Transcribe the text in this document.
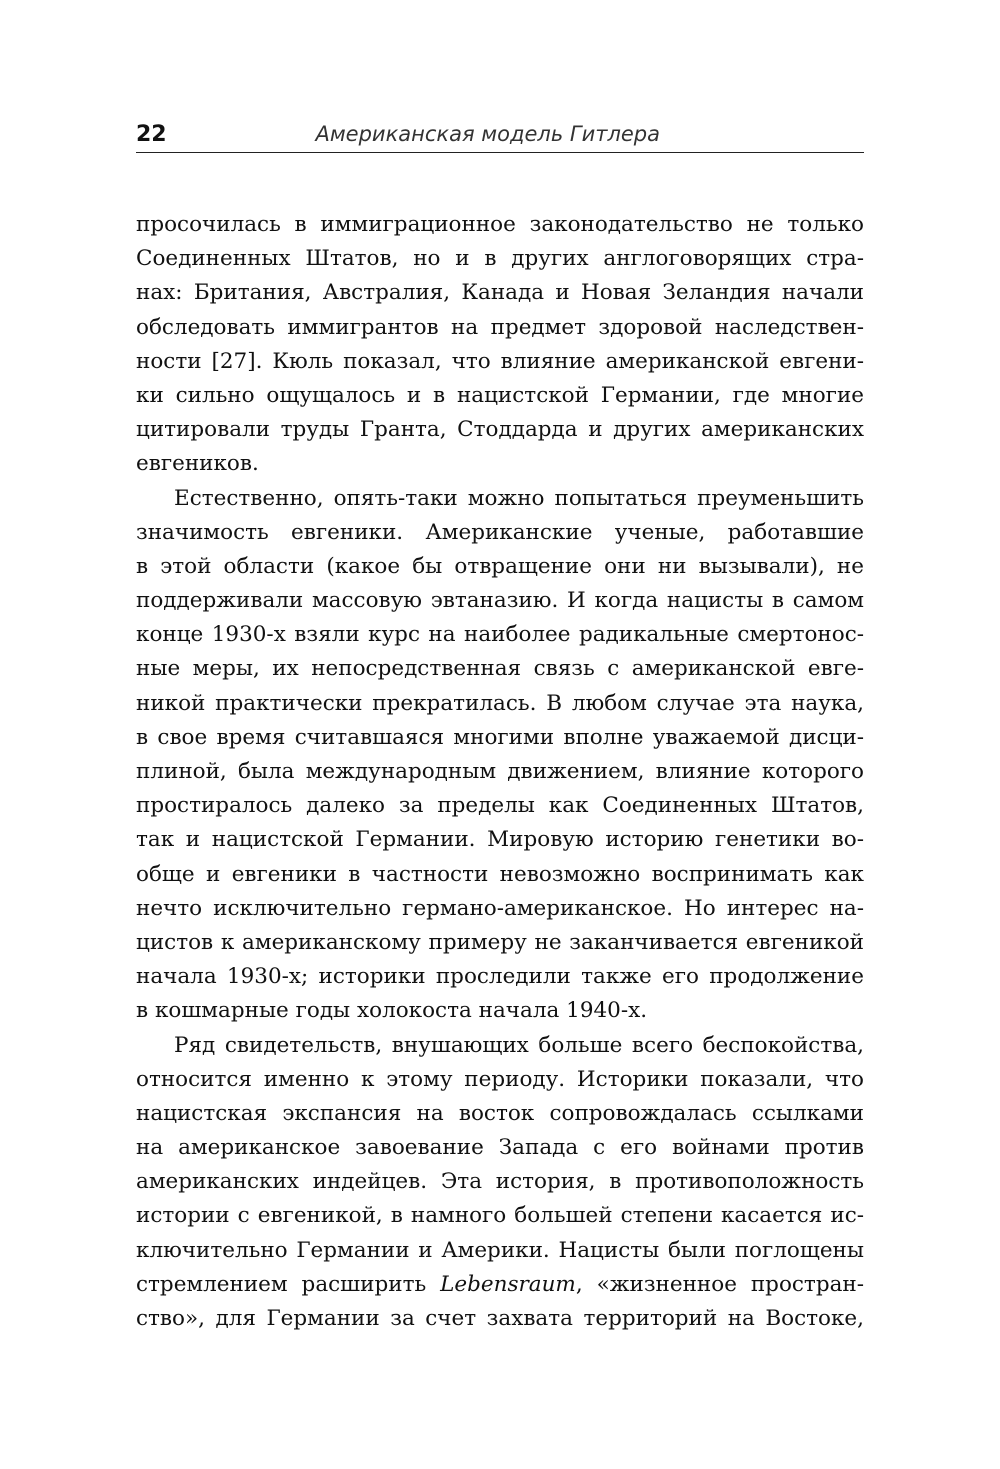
22	Американская модель Гитлера
просочилась в иммиграционное законодательство не только
Соединенных Штатов, но и в других англоговорящих стра-
нах: Британия, Австралия, Канада и Новая Зеландия начали
обследовать иммигрантов на предмет здоровой наследствен-
ности [27]. Кюль показал, что влияние американской евгени-
ки сильно ощущалось и в нацистской Германии, где многие
цитировали труды Гранта, Стоддарда и других американских
евгеников.
Естественно, опять-таки можно попытаться преуменьшить
значимость евгеники. Американские ученые, работавшие
в этой области (какое бы отвращение они ни вызывали), не
поддерживали массовую эвтаназию. И когда нацисты в самом
конце 1930-х взяли курс на наиболее радикальные смертонос-
ные меры, их непосредственная связь с американской евге-
никой практически прекратилась. В любом случае эта наука,
в свое время считавшаяся многими вполне уважаемой дисци-
плиной, была международным движением, влияние которого
простиралось далеко за пределы как Соединенных Штатов,
так и нацистской Германии. Мировую историю генетики во-
обще и евгеники в частности невозможно воспринимать как
нечто исключительно германо-американское. Но интерес на-
цистов к американскому примеру не заканчивается евгеникой
начала 1930-х; историки проследили также его продолжение
в кошмарные годы холокоста начала 1940-х.
Ряд свидетельств, внушающих больше всего беспокойства,
относится именно к этому периоду. Историки показали, что
нацистская экспансия на восток сопровождалась ссылками
на американское завоевание Запада с его войнами против
американских индейцев. Эта история, в противоположность
истории с евгеникой, в намного большей степени касается ис-
ключительно Германии и Америки. Нацисты были поглощены
стремлением расширить Lebensraum, «жизненное простран-
ство», для Германии за счет захвата территорий на Востоке,
